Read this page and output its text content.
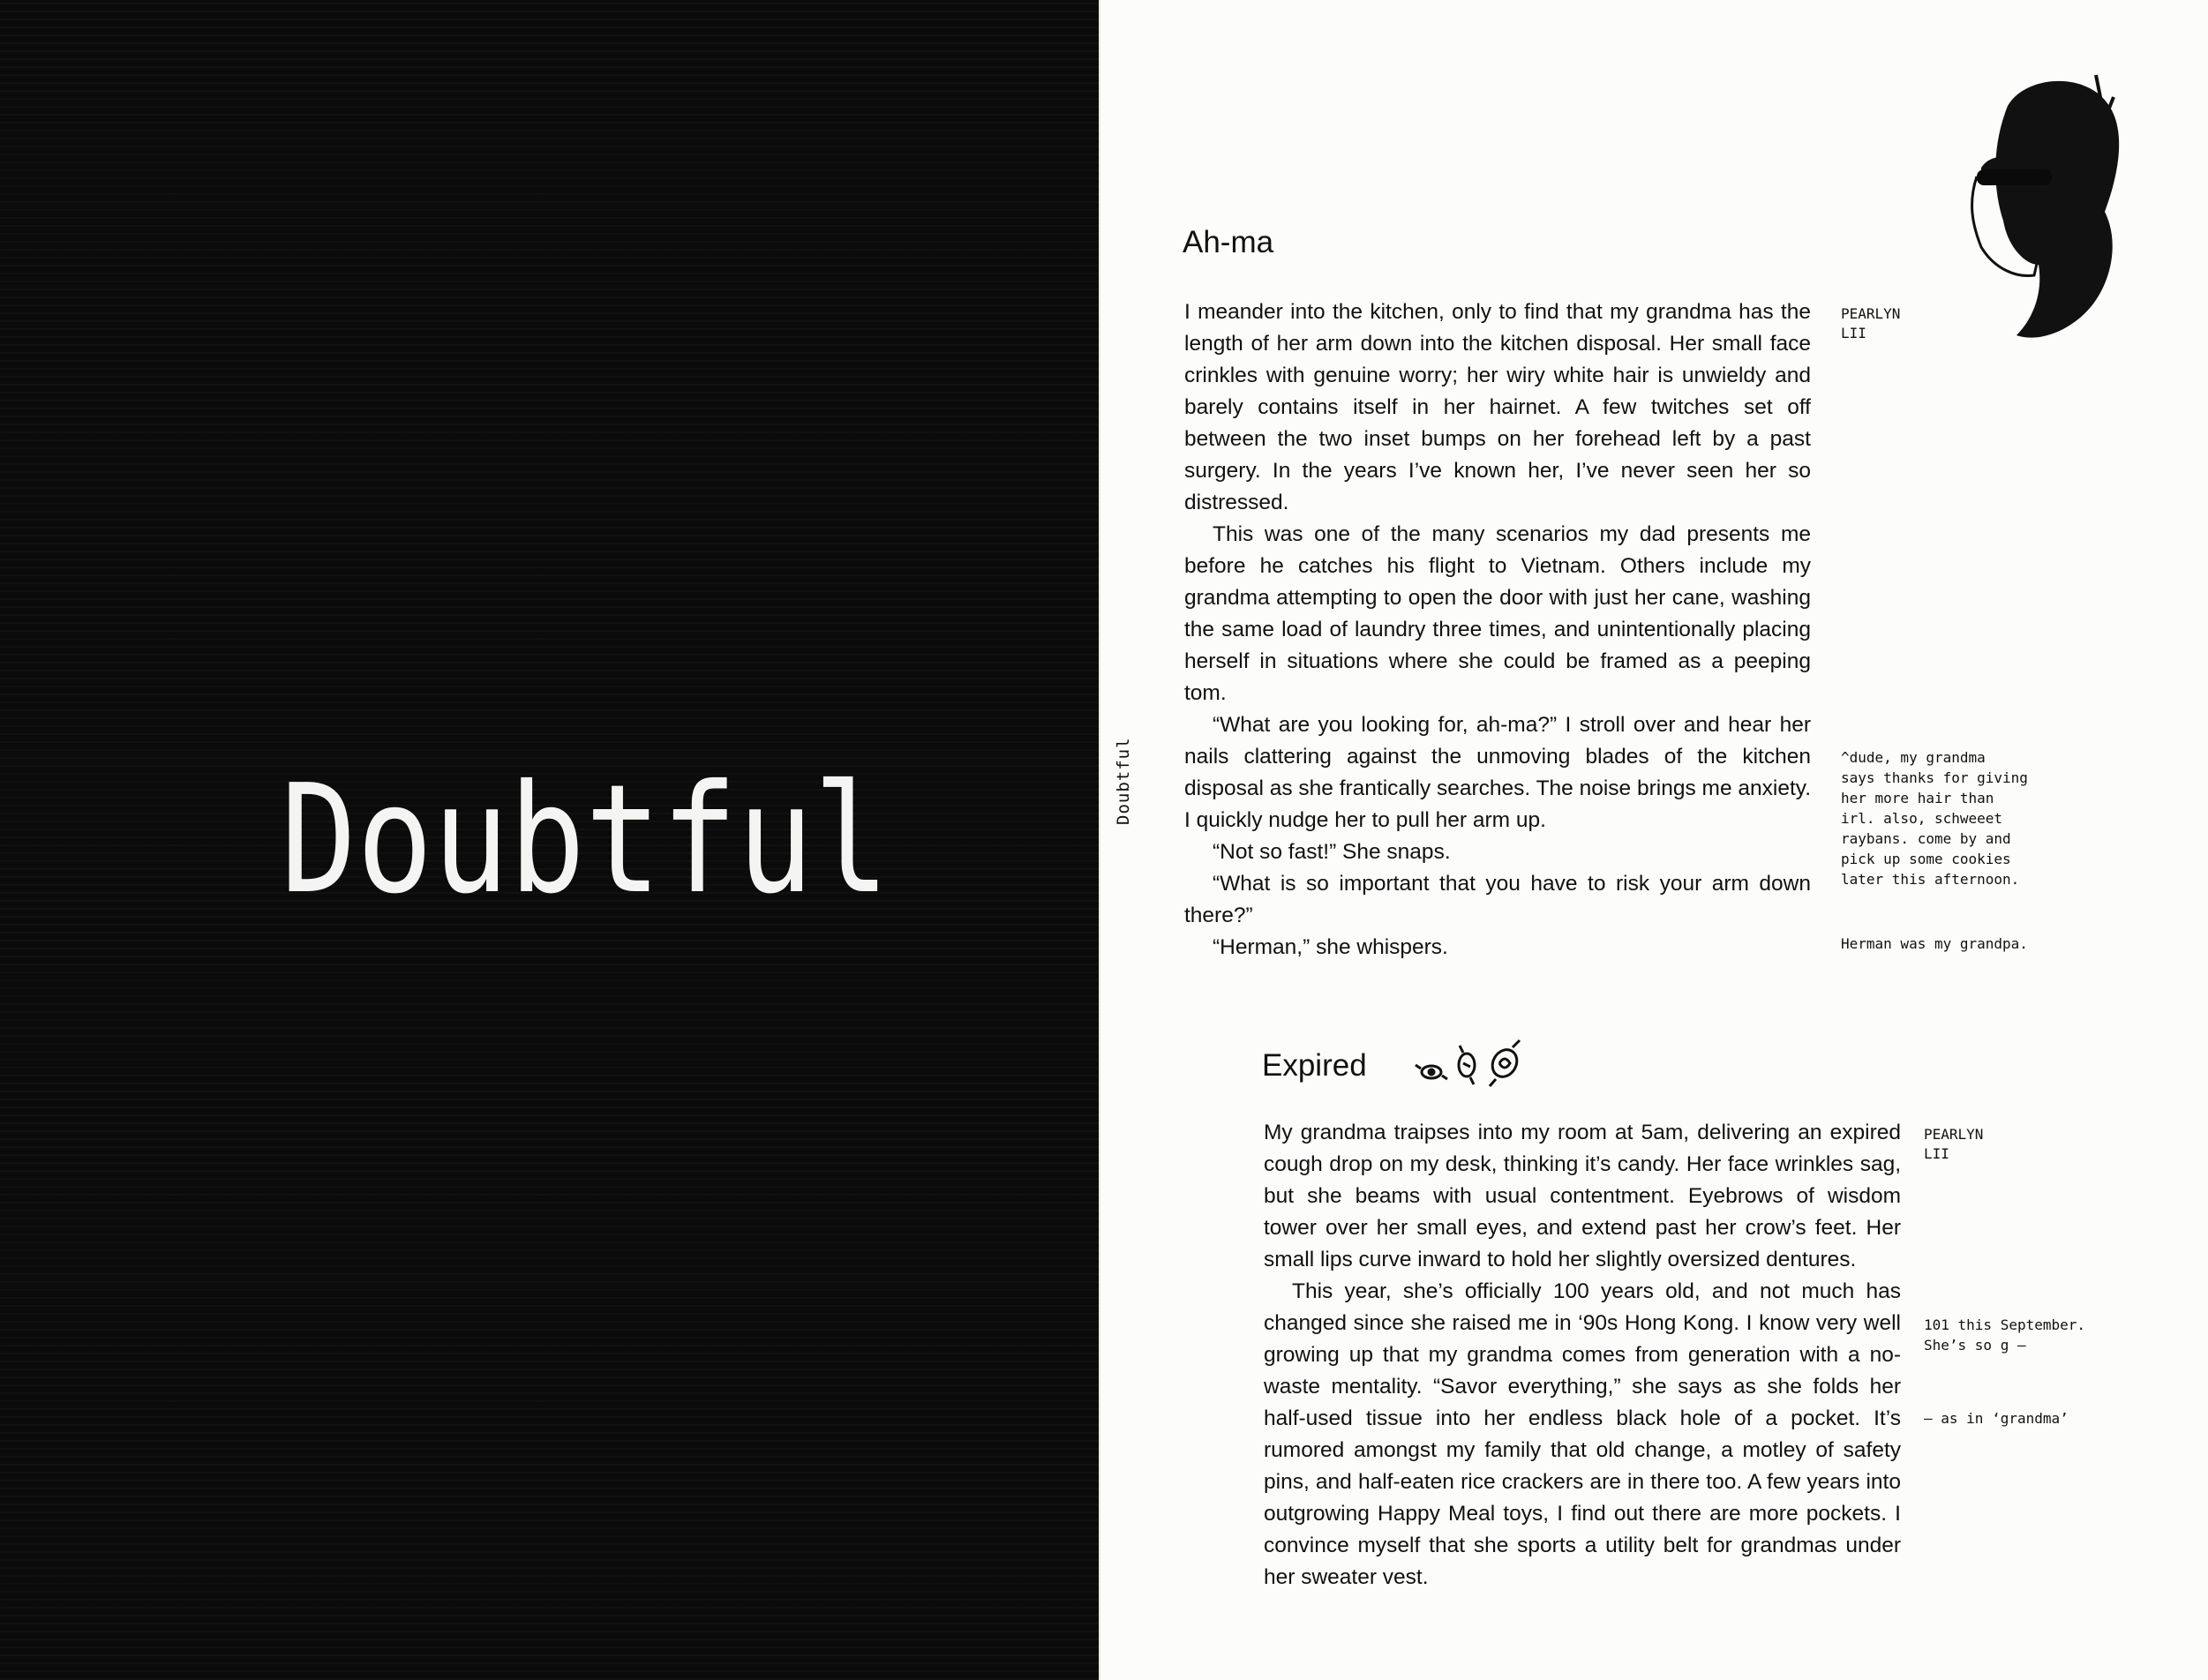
Doubtful	Doubtful
Ah-ma
PEARLYN
LII

I meander into the kitchen, only to find that my grandma has the length of her arm down into the kitchen disposal. Her small face crinkles with genuine worry; her wiry white hair is unwieldy and barely contains itself in her hairnet. A few twitches set off between the two inset bumps on her forehead left by a past surgery. In the years I’ve known her, I’ve never seen her so distressed.

This was one of the many scenarios my dad presents me before he catches his flight to Vietnam. Others include my grandma attempting to open the door with just her cane, washing the same load of laundry three times, and unintentionally placing herself in situations where she could be framed as a peeping tom.

“What are you looking for, ah-ma?” I stroll over and hear her nails clattering against the unmoving blades of the kitchen disposal as she frantically searches. The noise brings me anxiety. I quickly nudge her to pull her arm up.

“Not so fast!” She snaps.

“What is so important that you have to risk your arm down there?”

“Herman,” she whispers.

^dude, my grandma
says thanks for giving
her more hair than
irl. also, schweeet
raybans. come by and
pick up some cookies
later this afternoon.
Herman was my grandpa.
Expired
PEARLYN
LII

My grandma traipses into my room at 5am, delivering an expired cough drop on my desk, thinking it’s candy. Her face wrinkles sag, but she beams with usual contentment. Eyebrows of wisdom tower over her small eyes, and extend past her crow’s feet. Her small lips curve inward to hold her slightly oversized dentures.

This year, she’s officially 100 years old, and not much has changed since she raised me in ‘90s Hong Kong. I know very well growing up that my grandma comes from generation with a no-waste mentality. “Savor everything,” she says as she folds her half-used tissue into her endless black hole of a pocket. It’s rumored amongst my family that old change, a motley of safety pins, and half-eaten rice crackers are in there too. A few years into outgrowing Happy Meal toys, I find out there are more pockets. I convince myself that she sports a utility belt for grandmas under her sweater vest.

101 this September.
She’s so g –
– as in ‘grandma’
